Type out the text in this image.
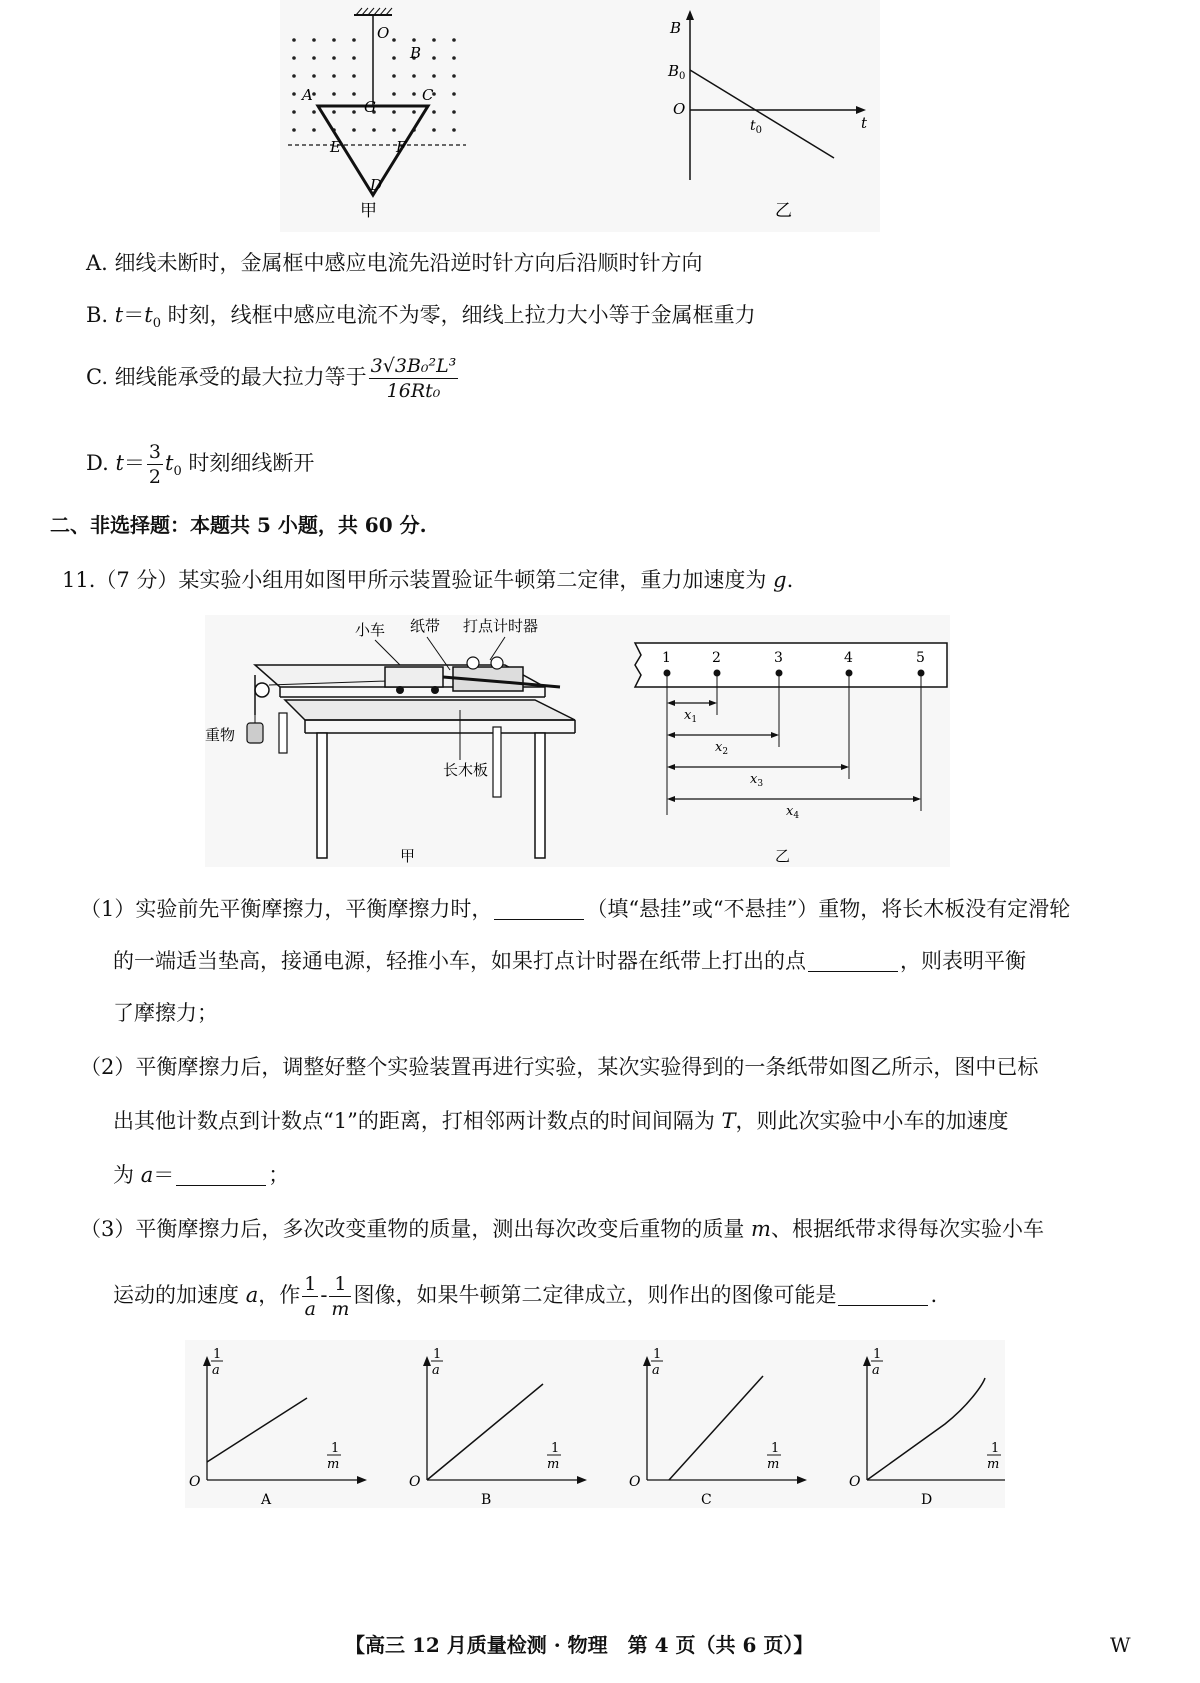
O
B
A	C
G
E	F
D
甲
B
$B_0$
O
$t_0$	t
乙
A. 细线未断时，金属框中感应电流先沿逆时针方向后沿顺时针方向
B. $t=t_0$ 时刻，线框中感应电流不为零，细线上拉力大小等于金属框重力
C. 细线能承受的最大拉力等于 $\frac{\text{3√3B₀²L³}}{\text{16Rt₀}}$
D. $t= \frac{3}{2} t_0$ 时刻细线断开
二、非选择题：本题共 5 小题，共 60 分.
11.（7 分）某实验小组用如图甲所示装置验证牛顿第二定律，重力加速度为 g.
小车 纸带 打点计时器
重物
长木板
甲
1	2	3	4	5
$x_1$
$x_2$
$x_3$
$x_4$
乙
（1）实验前先平衡摩擦力，平衡摩擦力时，	（填“悬挂”或“不悬挂”）重物，将长木板没有定滑轮
的一端适当垫高，接通电源，轻推小车，如果打点计时器在纸带上打出的点	，则表明平衡
了摩擦力；
（2）平衡摩擦力后，调整好整个实验装置再进行实验，某次实验得到的一条纸带如图乙所示，图中已标
出其他计数点到计数点“1”的距离，打相邻两计数点的时间间隔为 T，则此次实验中小车的加速度
为 a＝	；
（3）平衡摩擦力后，多次改变重物的质量，测出每次改变后重物的质量 m、根据纸带求得每次实验小车
运动的加速度 a，作 $\frac{1}{a} - \frac{1}{m}$ 图像，如果牛顿第二定律成立，则作出的图像可能是	.
1
a
1
m
O
A
1
a
1
m
O
B
1
a
1
m
O
C
1
a
1
m
O
D
【高三 12 月质量检测 · 物理　第 4 页（共 6 页）】	W
